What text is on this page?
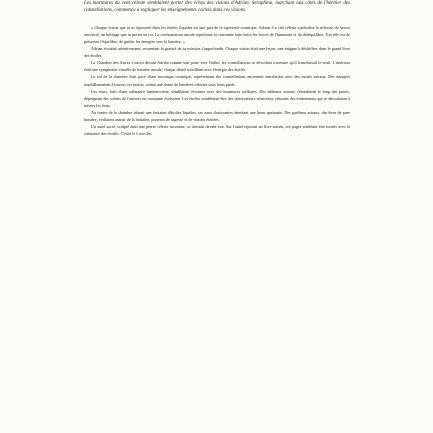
Les murmures du vent céleste semblaient porter des échos des visions d'Adrian. Seraphina, marchant aux côtés de l'héritier des constellations, commença à expliquer les enseignements cachés dans ces visions.

« Chaque vision que tu as éprouvée dans les étoiles liquides est une part de la tapisserie cosmique, Adrian. La cité céleste symbolise la richesse du savoir ancestral, un héritage que tu portes en toi. La confrontation astrale représente la constante lutte entre les forces de l'harmonie et du déséquilibre. Ton rôle est de préserver l'équilibre, de guider les énergies vers la lumière. »

Adrian écoutait attentivement, ressentant la gravité de sa mission s'approfondir. Chaque vision était une leçon, une énigme à déchiffrer dans le grand livre des étoiles.

La Chambre des Astres s'ouvrit devant Adrian comme une porte vers l'infini, les constellations se dévoilant à mesure qu'il franchissait le seuil. L'intérieur était une symphonie visuelle de lumière astrale, chaque détail scintillant avec l'énergie des étoiles.

Le sol de la chambre était pavé d'une mosaïque cosmique, représentant des constellations anciennes entrelacées avec des motifs astraux. Des énergies tourbillonnaient à travers ces motifs, créant une danse de lumières célestes sous leurs pieds.

Les murs, faits d'une substance luminescente, semblaient résonner avec des murmures stellaires. Des tableaux astraux s'étendaient le long des parois, dépeignant des scènes de l'univers en constante évolution. Les étoiles semblaient être des observateurs silencieux, témoins des événements qui se déroulaient à travers les éons.

Au centre de la chambre trônait une fontaine d'étoiles liquides, ses eaux chatoyantes émettant une lueur apaisante. Des gardiens astraux, des êtres de pure lumière, veillaient autour de la fontaine, porteurs de sagesse et de visions étoilées.

Un autel sacré, sculpté dans une pierre céleste inconnue, se dressait devant eux. Sur l'autel reposait un livre ancien, ses pages semblant être tissées avec la substance des étoiles. C'était le Livre des
